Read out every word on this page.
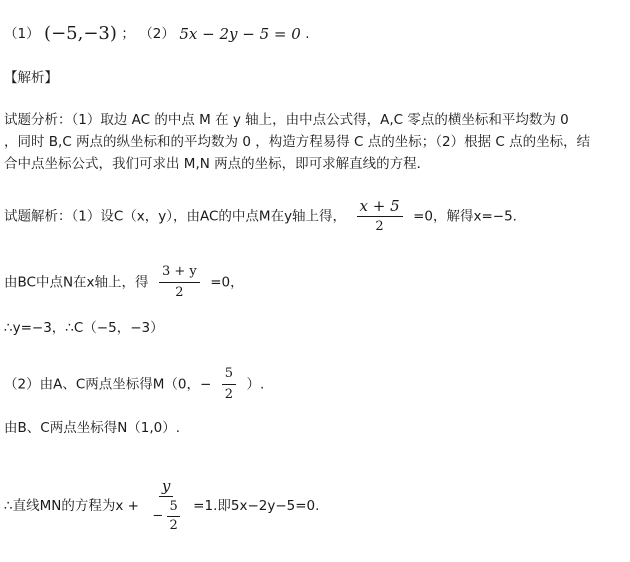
（1） (−5,−3) ； （2） 5x − 2y − 5 = 0 .
【解析】
试题分析：（1）取边 AC 的中点 M 在 y 轴上，由中点公式得，A,C 零点的横坐标和平均数为 0
，同时 B,C 两点的纵坐标和的平均数为 0 ，构造方程易得 C 点的坐标；（2）根据 C 点的坐标，结
合中点坐标公式，我们可求出 M,N 两点的坐标，即可求解直线的方程．
试题解析：（1）设C（x，y），由AC的中点M在y轴上得， $\frac{x + 5}{2} =0$，解得x=−5.
由BC中点N在x轴上，得 $\frac{3 + y}{2} =0$，
∴y=−3，∴C（−5，−3）
（2）由A、C两点坐标得M（0，− $\frac{5}{2}$ ）.
由B、C两点坐标得N（1,0）.
∴直线MN的方程为$x + \frac{y}{- \frac{5}{2}} =1$.即5x−2y−5=0.
